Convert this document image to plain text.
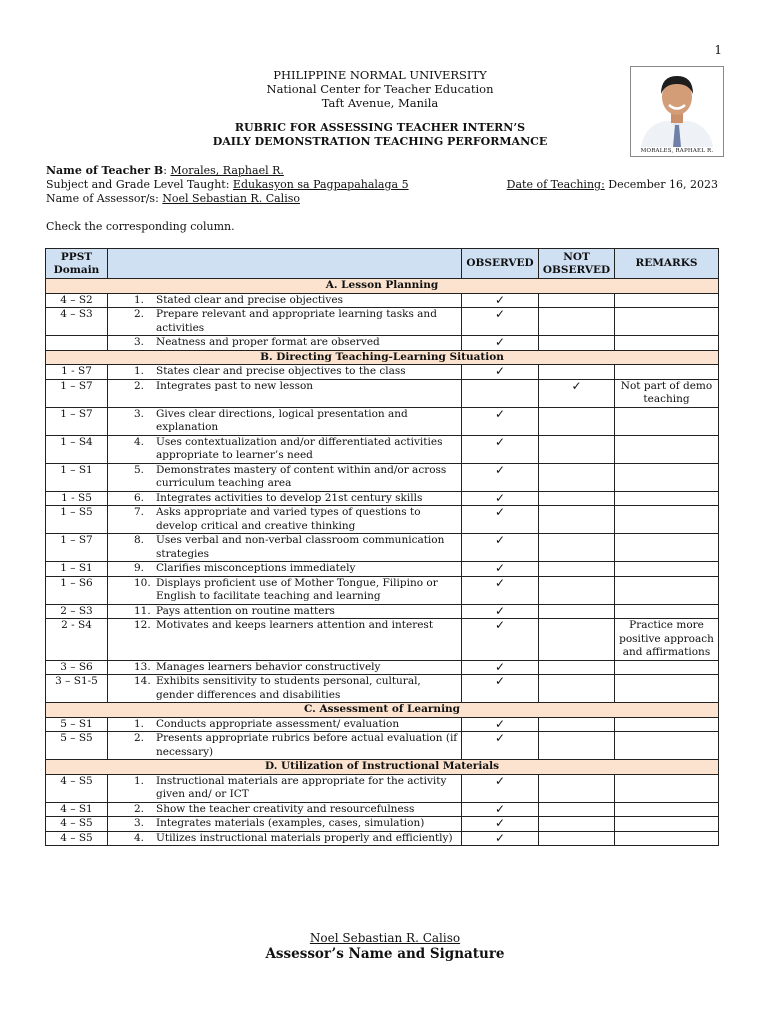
1
PHILIPPINE NORMAL UNIVERSITY
National Center for Teacher Education
Taft Avenue, Manila
RUBRIC FOR ASSESSING TEACHER INTERN’S
DAILY DEMONSTRATION TEACHING PERFORMANCE
MORALES, RAPHAEL R.
Name of Teacher B: Morales, Raphael R.
Subject and Grade Level Taught: Edukasyon sa Pagpapahalaga 5	Date of Teaching: December 16, 2023
Name of Assessor/s: Noel Sebastian R. Caliso
Check the corresponding column.
PPST Domain		OBSERVED	NOT OBSERVED	REMARKS
A. Lesson Planning				
4 – S2	1. Stated clear and precise objectives	✓		
4 – S3	2. Prepare relevant and appropriate learning tasks and activities	✓		

	3. Neatness and proper format are observed	✓		
B. Directing Teaching-Learning Situation				
1 - S7	1. States clear and precise objectives to the class	✓		
1 – S7	2. Integrates past to new lesson		✓	Not part of demo teaching
1 – S7	3. Gives clear directions, logical presentation and explanation	✓		
1 – S4	4. Uses contextualization and/or differentiated activities appropriate to learner’s need	✓		
1 – S1	5. Demonstrates mastery of content within and/or across curriculum teaching area	✓		
1 - S5	6. Integrates activities to develop 21st century skills	✓		
1 – S5	7. Asks appropriate and varied types of questions to develop critical and creative thinking	✓		
1 – S7	8. Uses verbal and non-verbal classroom communication strategies	✓		
1 – S1	9. Clarifies misconceptions immediately	✓		
1 – S6	10. Displays proficient use of Mother Tongue, Filipino or English to facilitate teaching and learning	✓		
2 – S3	11. Pays attention on routine matters	✓		
2 - S4	12. Motivates and keeps learners attention and interest	✓		Practice more positive approach and affirmations
3 – S6	13. Manages learners behavior constructively	✓		
3 – S1-5	14. Exhibits sensitivity to students personal, cultural, gender differences and disabilities	✓		
C. Assessment of Learning				
5 – S1	1. Conducts appropriate assessment/ evaluation	✓		
5 – S5	2. Presents appropriate rubrics before actual evaluation (if necessary)	✓		
D. Utilization of Instructional Materials				
4 – S5	1. Instructional materials are appropriate for the activity given and/ or ICT	✓		
4 – S1	2. Show the teacher creativity and resourcefulness	✓		
4 – S5	3. Integrates materials (examples, cases, simulation)	✓		
4 – S5	4. Utilizes instructional materials properly and efficiently)	✓		
Noel Sebastian R. Caliso
Assessor’s Name and Signature
